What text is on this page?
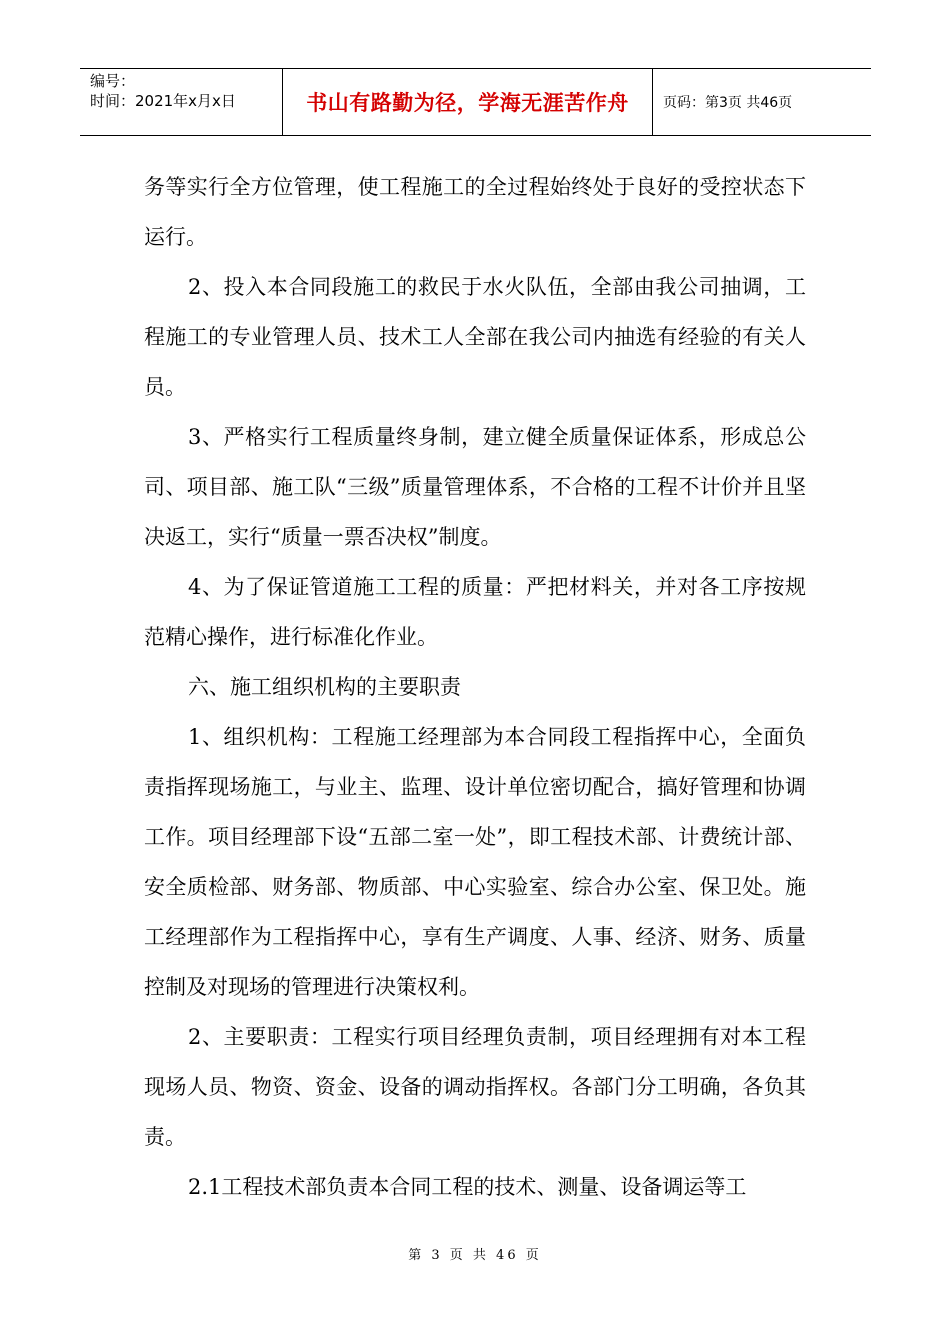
编号：
时间：2021年x月x日	书山有路勤为径，学海无涯苦作舟	页码：第3页 共46页

务等实行全方位管理，使工程施工的全过程始终处于良好的受控状态下运行。

2、投入本合同段施工的救民于水火队伍，全部由我公司抽调，工程施工的专业管理人员、技术工人全部在我公司内抽选有经验的有关人员。

3、严格实行工程质量终身制，建立健全质量保证体系，形成总公司、项目部、施工队“三级”质量管理体系，不合格的工程不计价并且坚决返工，实行“质量一票否决权”制度。

4、为了保证管道施工工程的质量：严把材料关，并对各工序按规范精心操作，进行标准化作业。

六、施工组织机构的主要职责

1、组织机构：工程施工经理部为本合同段工程指挥中心，全面负责指挥现场施工，与业主、监理、设计单位密切配合，搞好管理和协调工作。项目经理部下设“五部二室一处”，即工程技术部、计费统计部、安全质检部、财务部、物质部、中心实验室、综合办公室、保卫处。施工经理部作为工程指挥中心，享有生产调度、人事、经济、财务、质量控制及对现场的管理进行决策权利。

2、主要职责：工程实行项目经理负责制，项目经理拥有对本工程现场人员、物资、资金、设备的调动指挥权。各部门分工明确，各负其责。

2.1工程技术部负责本合同工程的技术、测量、设备调运等工

第 3 页 共 46 页
